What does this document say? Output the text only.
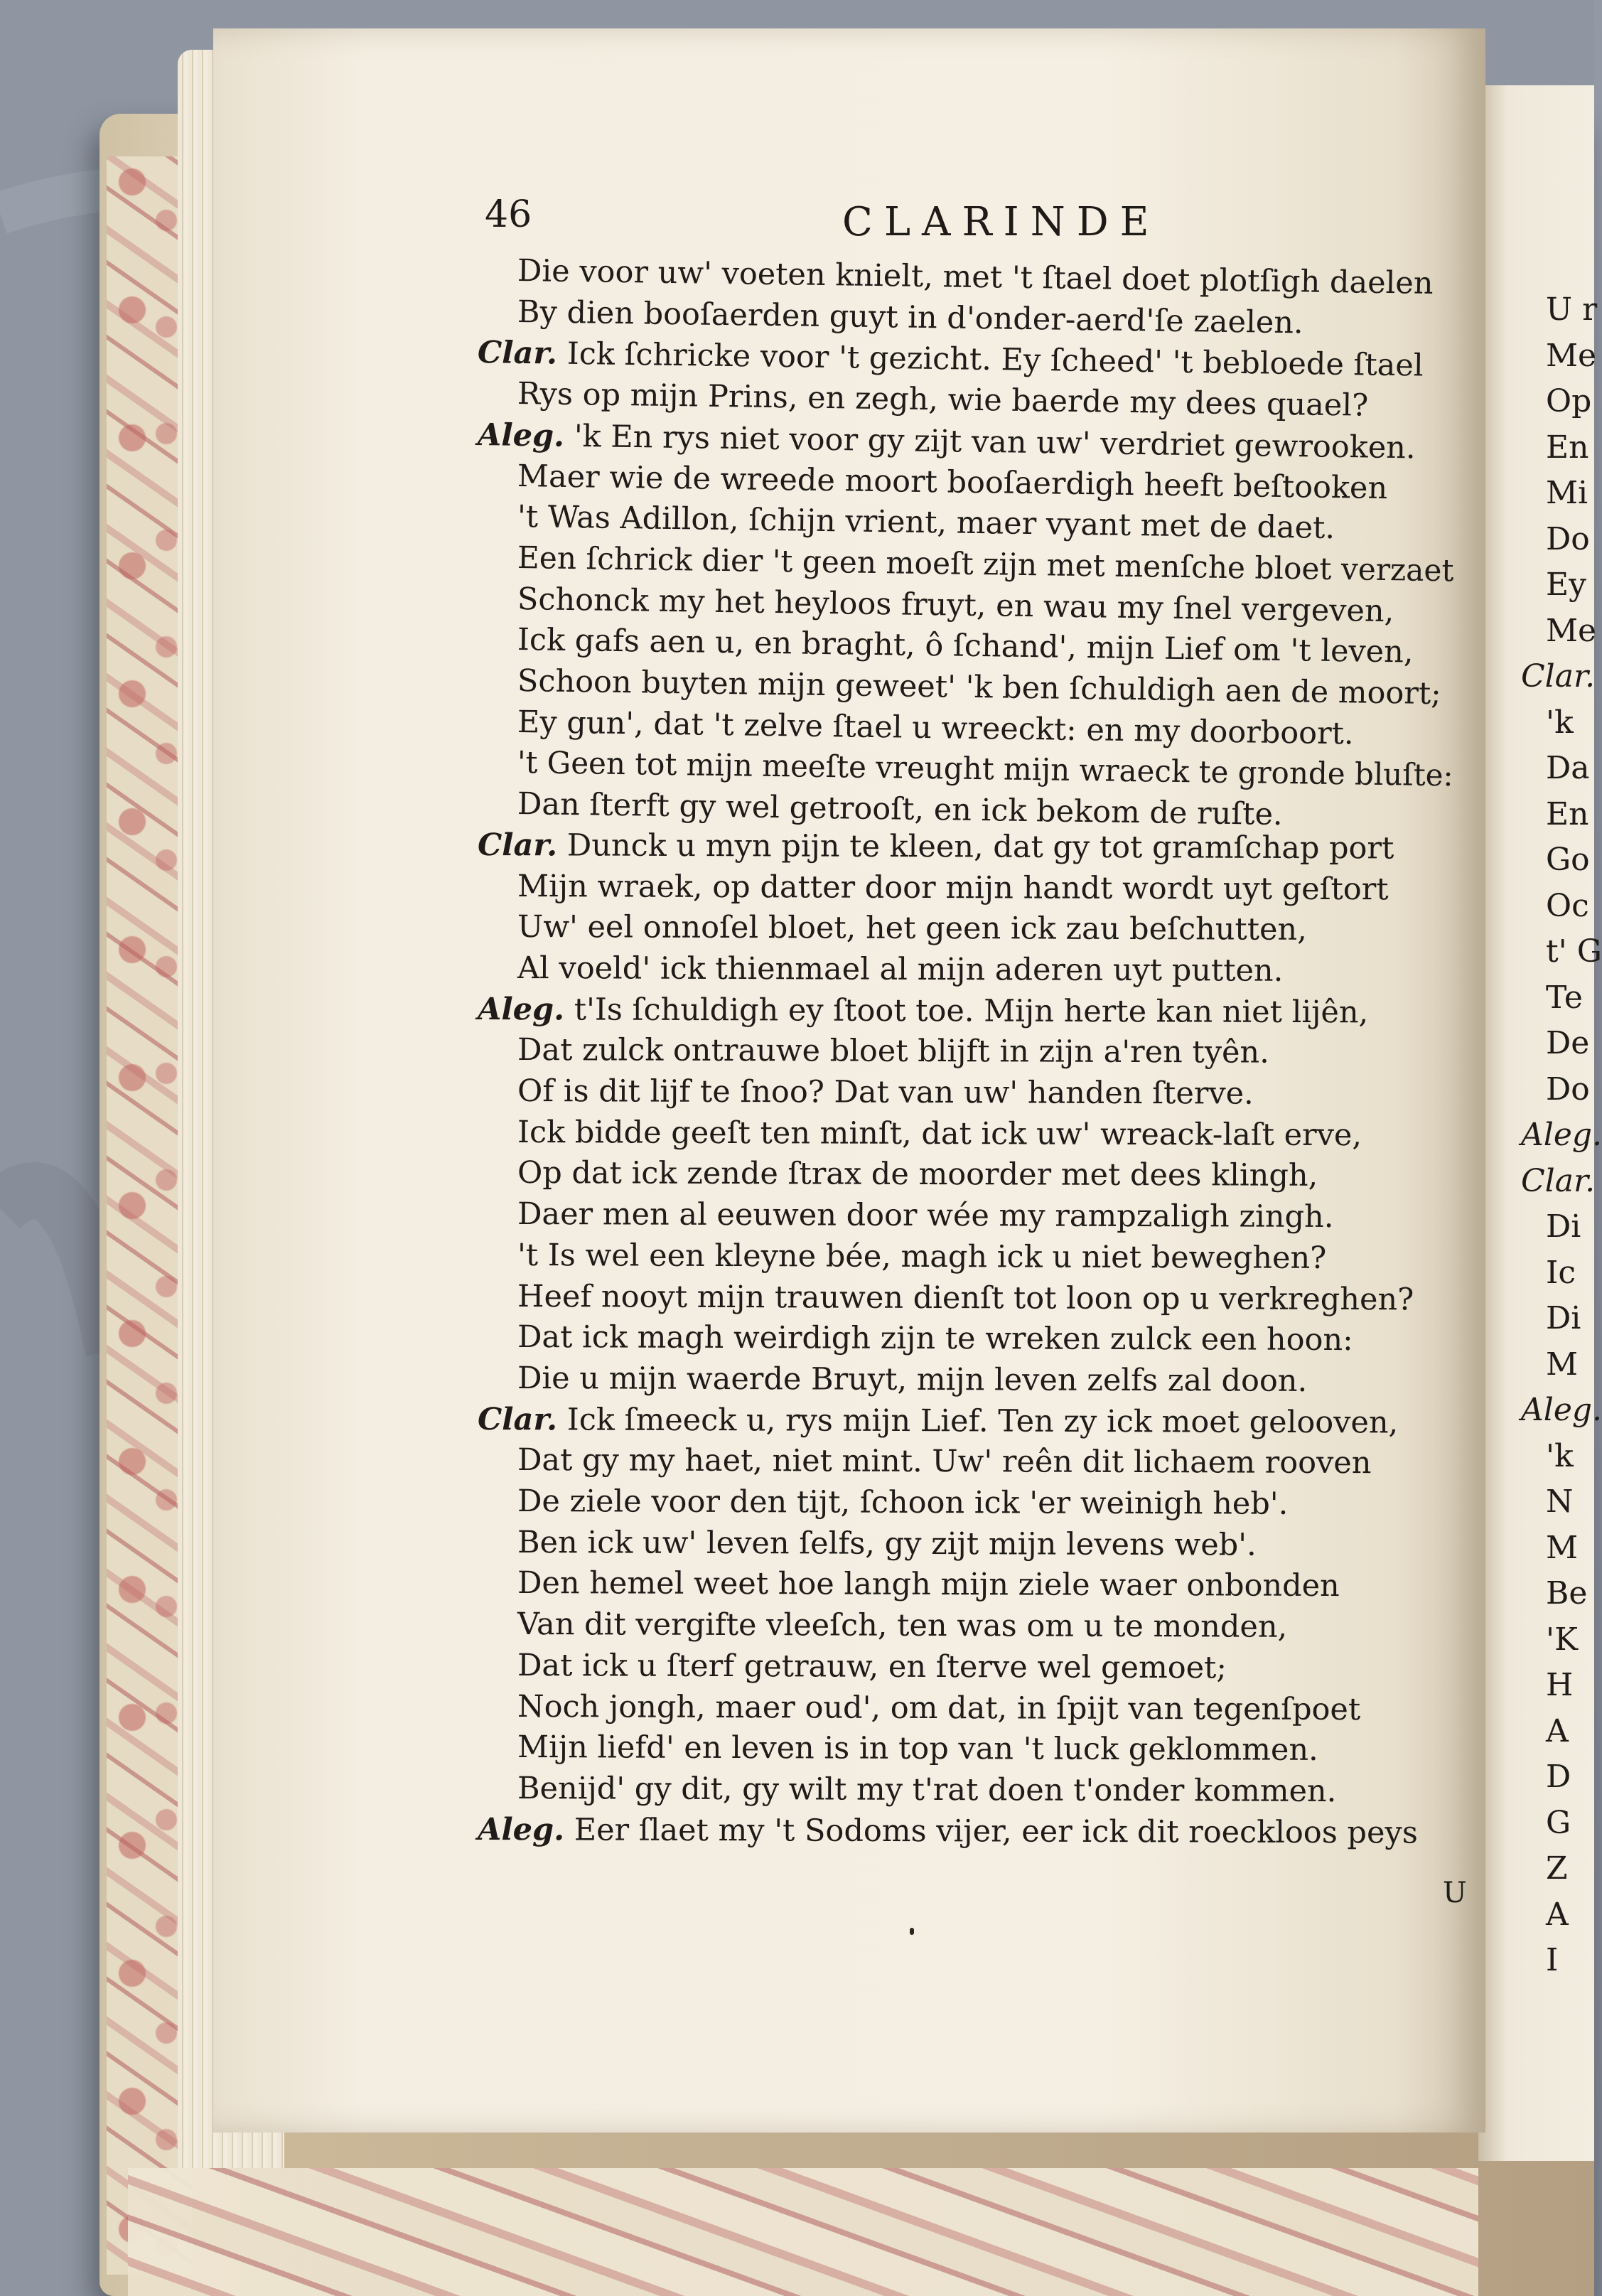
46	CLARINDE
Die voor uw' voeten knielt, met 't ſtael doet plotſigh daelen
By dien booſaerden guyt in d'onder-aerd'ſe zaelen.
Clar. Ick ſchricke voor 't gezicht. Ey ſcheed' 't bebloede ſtael
Rys op mijn Prins, en zegh, wie baerde my dees quael?
Aleg. 'k En rys niet voor gy zijt van uw' verdriet gewrooken.
Maer wie de wreede moort booſaerdigh heeft beſtooken
't Was Adillon, ſchijn vrient, maer vyant met de daet.
Een ſchrick dier 't geen moeſt zijn met menſche bloet verzaet
Schonck my het heyloos fruyt, en wau my ſnel vergeven,
Ick gafs aen u, en braght, ô ſchand', mijn Lief om 't leven,
Schoon buyten mijn geweet' 'k ben ſchuldigh aen de moort;
Ey gun', dat 't zelve ſtael u wreeckt: en my doorboort.
't Geen tot mijn meeſte vreught mijn wraeck te gronde bluſte:
Dan ſterft gy wel getrooſt, en ick bekom de ruſte.
Clar. Dunck u myn pijn te kleen, dat gy tot gramſchap port
Mijn wraek, op datter door mijn handt wordt uyt geſtort
Uw' eel onnoſel bloet, het geen ick zau beſchutten,
Al voeld' ick thienmael al mijn aderen uyt putten.
Aleg. t'Is ſchuldigh ey ſtoot toe. Mijn herte kan niet lijên,
Dat zulck ontrauwe bloet blijft in zijn a'ren tyên.
Of is dit lijf te ſnoo? Dat van uw' handen ſterve.
Ick bidde geeſt ten minſt, dat ick uw' wreack-laſt erve,
Op dat ick zende ſtrax de moorder met dees klingh,
Daer men al eeuwen door wée my rampzaligh zingh.
't Is wel een kleyne bée, magh ick u niet beweghen?
Heef nooyt mijn trauwen dienſt tot loon op u verkreghen?
Dat ick magh weirdigh zijn te wreken zulck een hoon:
Die u mijn waerde Bruyt, mijn leven zelfs zal doon.
Clar. Ick ſmeeck u, rys mijn Lief. Ten zy ick moet gelooven,
Dat gy my haet, niet mint. Uw' reên dit lichaem rooven
De ziele voor den tijt, ſchoon ick 'er weinigh heb'.
Ben ick uw' leven ſelfs, gy zijt mijn levens web'.
Den hemel weet hoe langh mijn ziele waer onbonden
Van dit vergifte vleeſch, ten was om u te monden,
Dat ick u ſterf getrauw, en ſterve wel gemoet;
Noch jongh, maer oud', om dat, in ſpijt van tegenſpoet
Mijn liefd' en leven is in top van 't luck geklommen.
Benijd' gy dit, gy wilt my t'rat doen t'onder kommen.
Aleg. Eer ſlaet my 't Sodoms vijer, eer ick dit roeckloos peys
U r
Me
Op
En
Mi
Do
Ey
Me
Clar.
'k
Da
En
Go
Oc
t' G
Te
De
Do
Aleg.
Clar.
Di
Ic
Di
M
Aleg.
'k
N
M
Be
'K
H
A
D
G
Z
A
I
U
